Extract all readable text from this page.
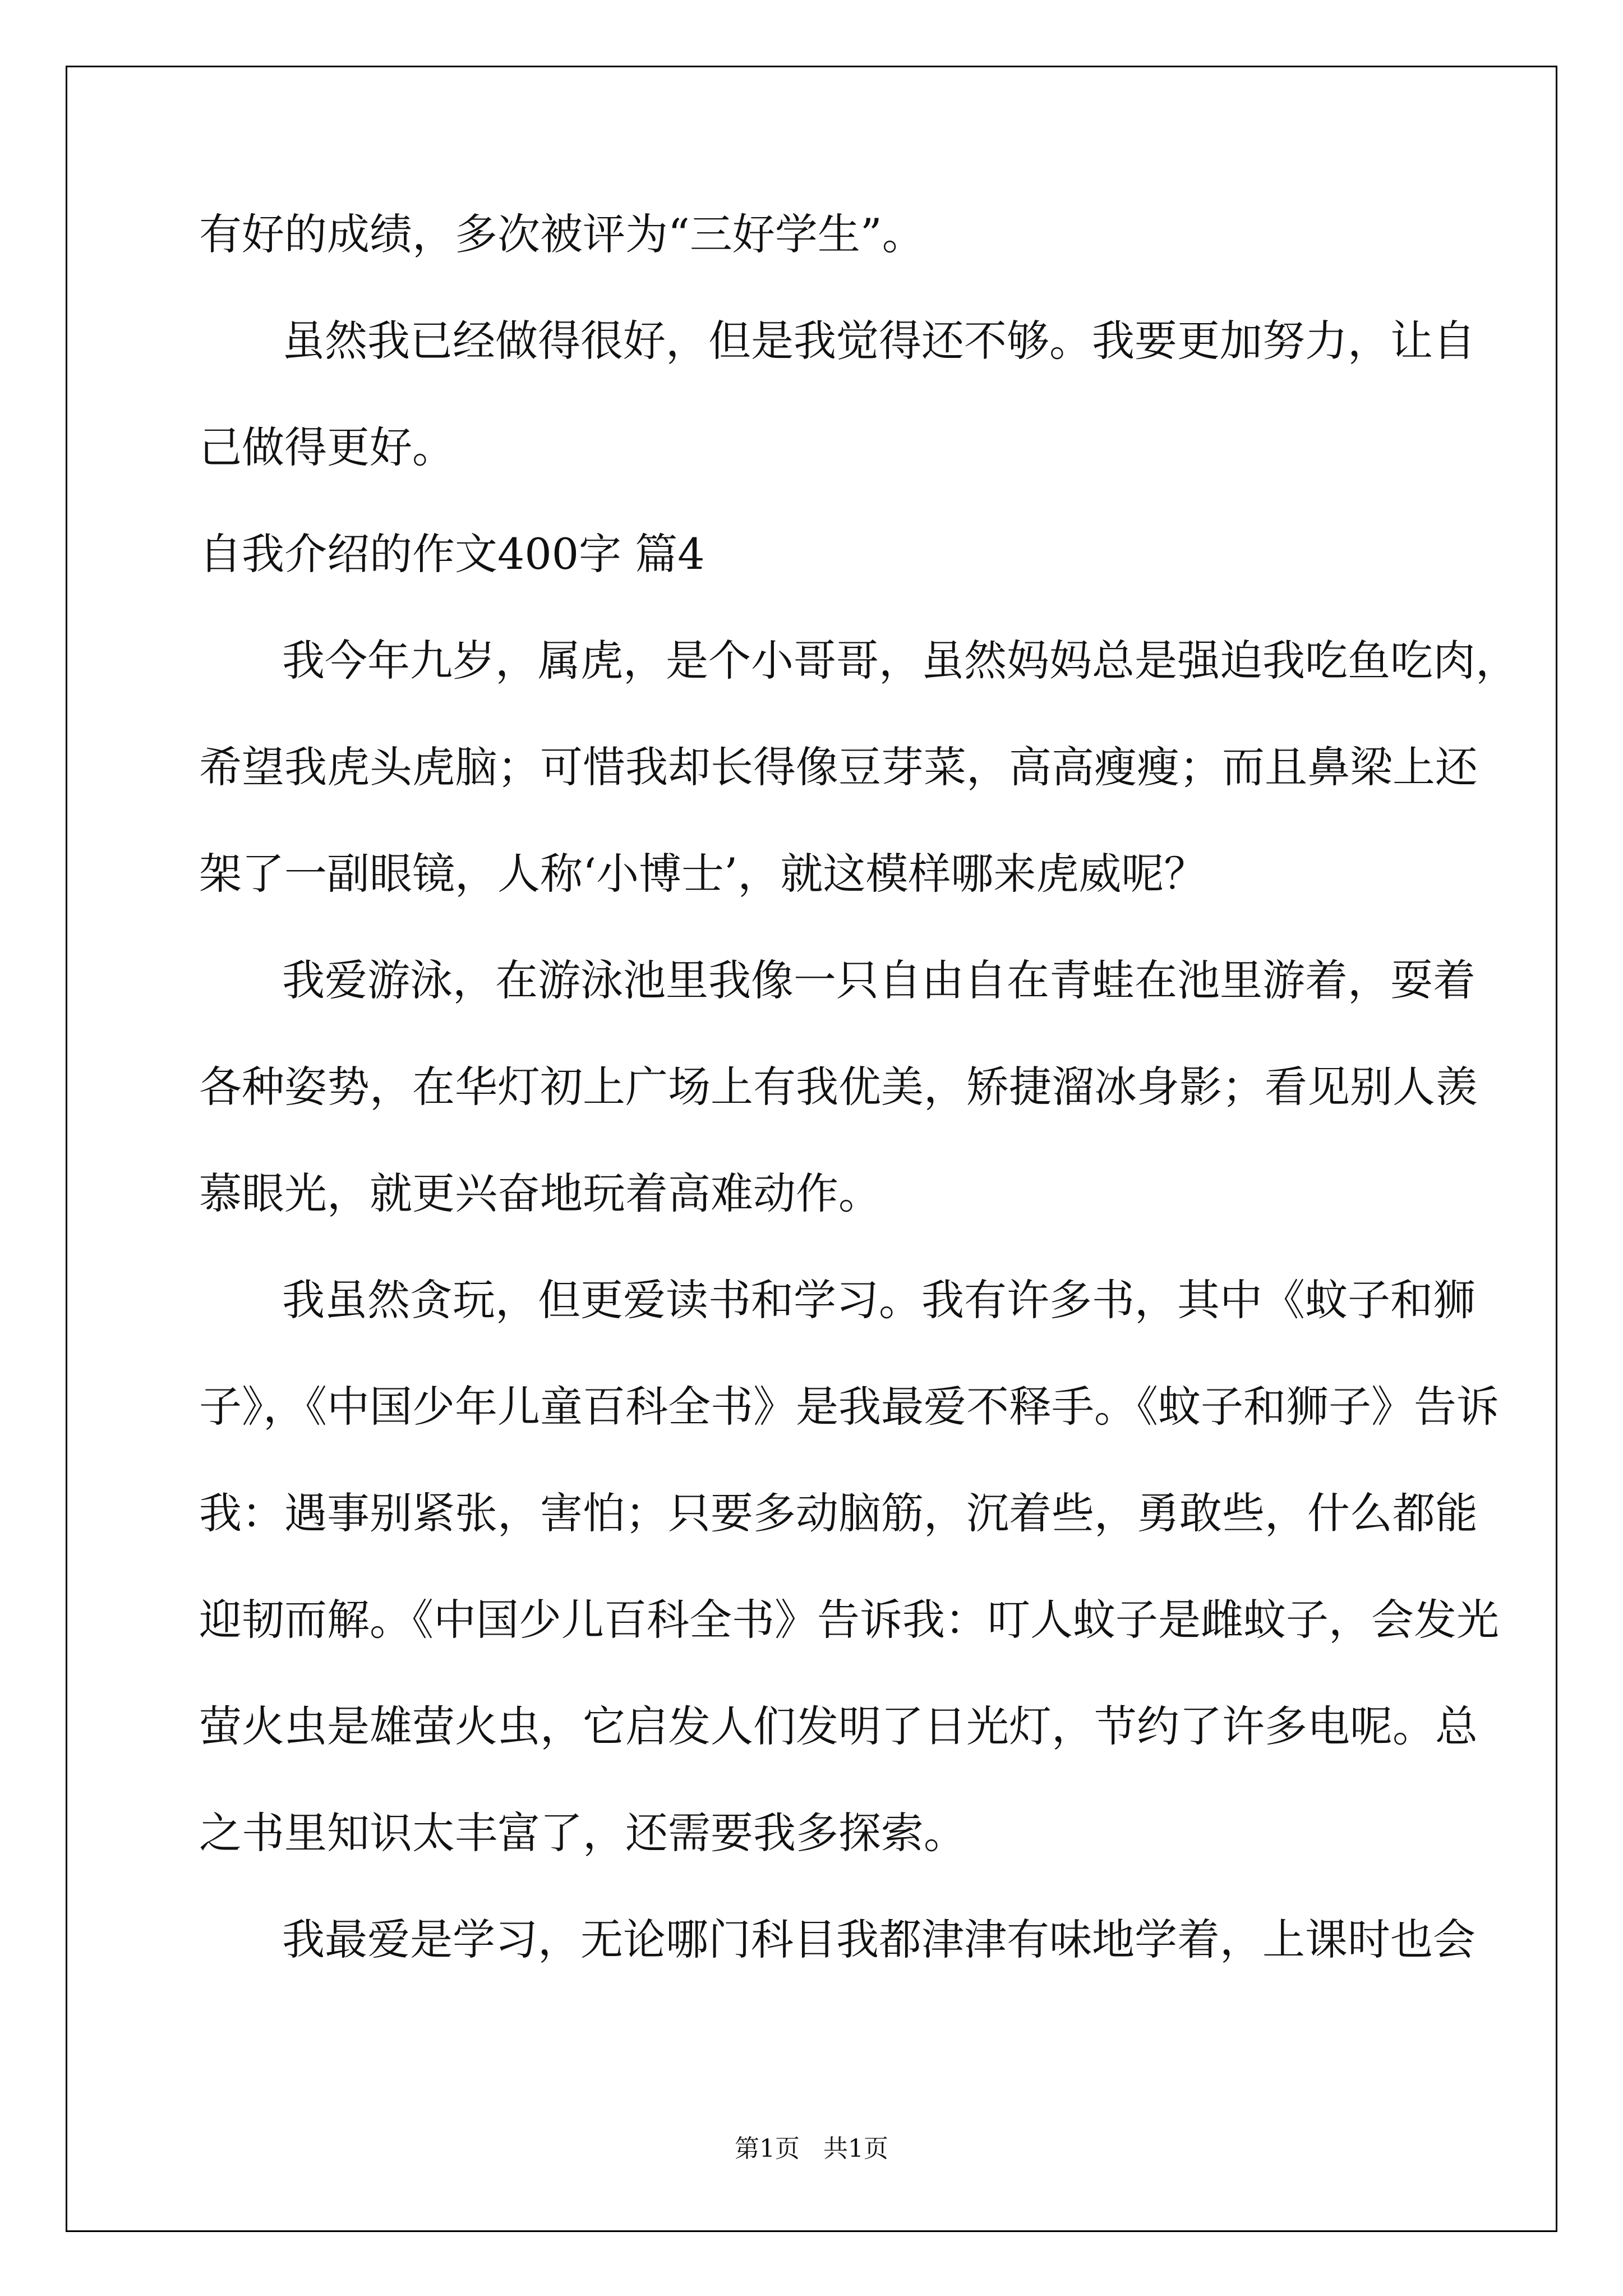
有好的成绩，多次被评为“三好学生”。
虽然我已经做得很好，但是我觉得还不够。我要更加努力，让自
己做得更好。
自我介绍的作文400字 篇4
我今年九岁，属虎，是个小哥哥，虽然妈妈总是强迫我吃鱼吃肉，
希望我虎头虎脑；可惜我却长得像豆芽菜，高高瘦瘦；而且鼻梁上还
架了一副眼镜，人称‘小博士’，就这模样哪来虎威呢？
我爱游泳，在游泳池里我像一只自由自在青蛙在池里游着，耍着
各种姿势，在华灯初上广场上有我优美，矫捷溜冰身影；看见别人羡
慕眼光，就更兴奋地玩着高难动作。
我虽然贪玩，但更爱读书和学习。我有许多书，其中《蚊子和狮
子》，《中国少年儿童百科全书》是我最爱不释手。《蚊子和狮子》告诉
我：遇事别紧张，害怕；只要多动脑筋，沉着些，勇敢些，什么都能
迎韧而解。《中国少儿百科全书》告诉我：叮人蚊子是雌蚊子，会发光
萤火虫是雄萤火虫，它启发人们发明了日光灯，节约了许多电呢。总
之书里知识太丰富了，还需要我多探索。
我最爱是学习，无论哪门科目我都津津有味地学着，上课时也会
第1页 共1页
